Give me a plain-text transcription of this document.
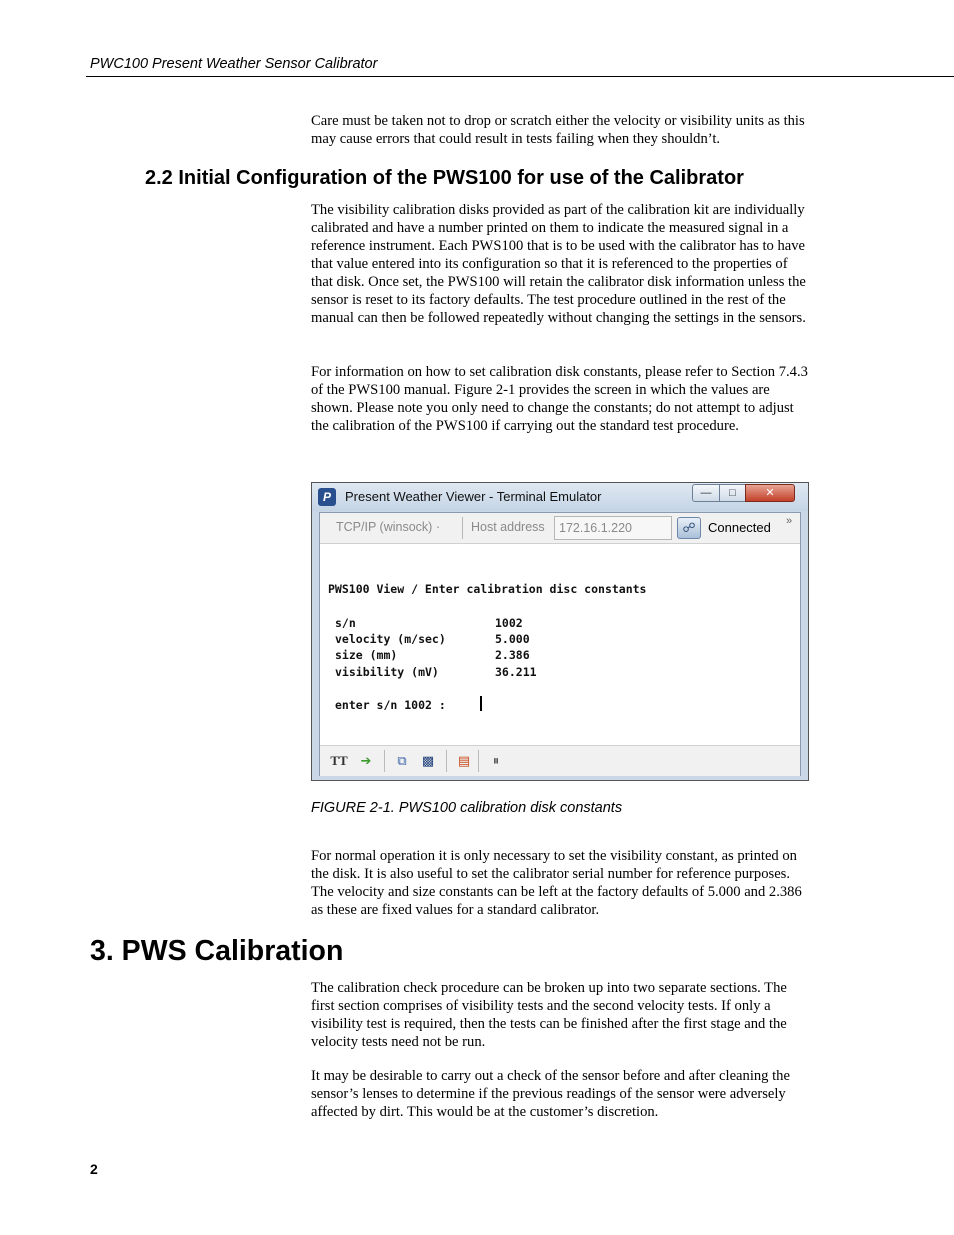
PWC100 Present Weather Sensor Calibrator

Care must be taken not to drop or scratch either the velocity or visibility units as this may cause errors that could result in tests failing when they shouldn’t.

2.2 Initial Configuration of the PWS100 for use of the Calibrator

The visibility calibration disks provided as part of the calibration kit are individually calibrated and have a number printed on them to indicate the measured signal in a reference instrument. Each PWS100 that is to be used with the calibrator has to have that value entered into its configuration so that it is referenced to the properties of that disk. Once set, the PWS100 will retain the calibrator disk information unless the sensor is reset to its factory defaults. The test procedure outlined in the rest of the manual can then be followed repeatedly without changing the settings in the sensors.

For information on how to set calibration disk constants, please refer to Section 7.4.3 of the PWS100 manual. Figure 2-1 provides the screen in which the values are shown. Please note you only need to change the constants; do not attempt to adjust the calibration of the PWS100 if carrying out the standard test procedure.

P	Present Weather Viewer - Terminal Emulator	—	□	✕
TCP/IP (winsock) · Host address	172.16.1.220	☍ Connected »
PWS100 View / Enter calibration disc constants
s/n	1002
velocity (m/sec)	5.000
size (mm)	2.386
visibility (mV)	36.211
enter s/n 1002 :
TT ➔	⧉	▩ ▤	⏸
FIGURE 2-1. PWS100 calibration disk constants

For normal operation it is only necessary to set the visibility constant, as printed on the disk. It is also useful to set the calibrator serial number for reference purposes. The velocity and size constants can be left at the factory defaults of 5.000 and 2.386 as these are fixed values for a standard calibrator.

3. PWS Calibration

The calibration check procedure can be broken up into two separate sections. The first section comprises of visibility tests and the second velocity tests. If only a visibility test is required, then the tests can be finished after the first stage and the velocity tests need not be run.

It may be desirable to carry out a check of the sensor before and after cleaning the sensor’s lenses to determine if the previous readings of the sensor were adversely affected by dirt. This would be at the customer’s discretion.

2
